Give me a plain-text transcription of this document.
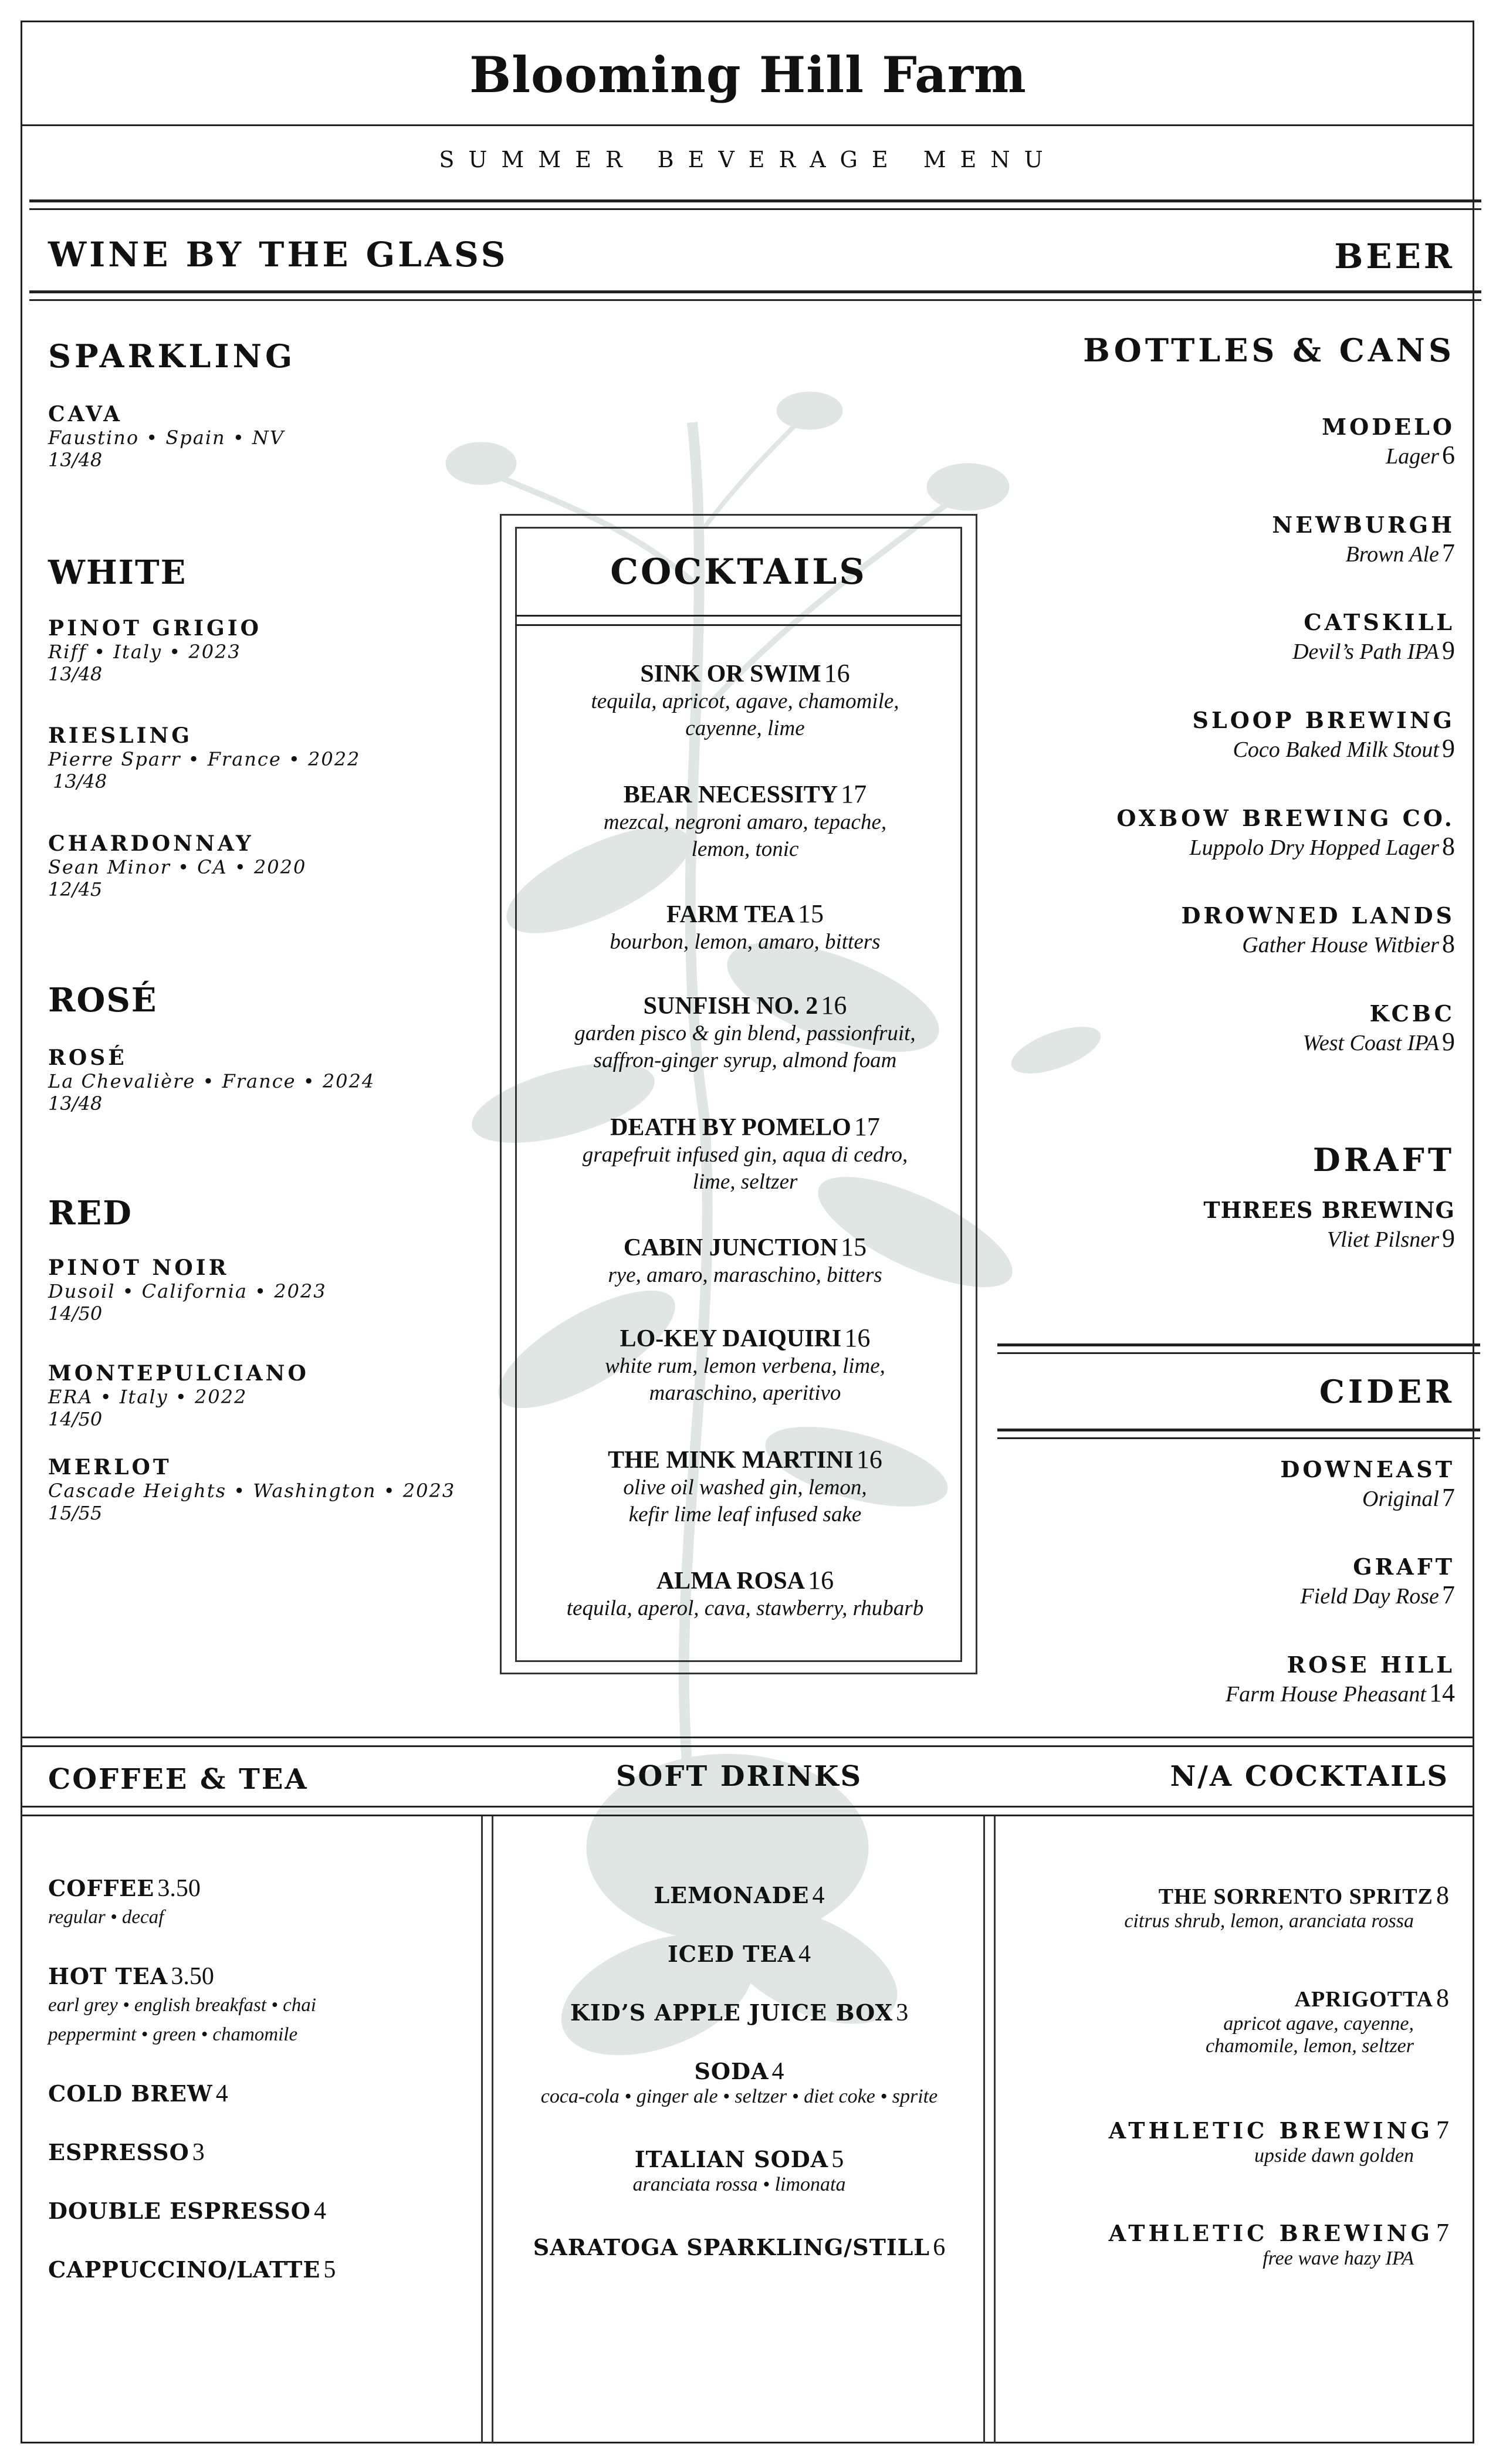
Blooming Hill Farm
SUMMER BEVERAGE MENU
WINE BY THE GLASS	BEER
SPARKLING
CAVA
Faustino • Spain • NV
13/48
WHITE
PINOT GRIGIO
Riff • Italy • 2023
13/48
RIESLING
Pierre Sparr • France • 2022
13/48
CHARDONNAY
Sean Minor • CA • 2020
12/45
ROSÉ
ROSÉ
La Chevalière • France • 2024
13/48
RED
PINOT NOIR
Dusoil • California • 2023
14/50
MONTEPULCIANO
ERA • Italy • 2022
14/50
MERLOT
Cascade Heights • Washington • 2023
15/55
COCKTAILS
SINK OR SWIM 16
tequila, apricot, agave, chamomile,
cayenne, lime
BEAR NECESSITY 17
mezcal, negroni amaro, tepache,
lemon, tonic
FARM TEA 15
bourbon, lemon, amaro, bitters
SUNFISH NO. 2 16
garden pisco & gin blend, passionfruit,
saffron-ginger syrup, almond foam
DEATH BY POMELO 17
grapefruit infused gin, aqua di cedro,
lime, seltzer
CABIN JUNCTION 15
rye, amaro, maraschino, bitters
LO-KEY DAIQUIRI 16
white rum, lemon verbena, lime,
maraschino, aperitivo
THE MINK MARTINI 16
olive oil washed gin, lemon,
kefir lime leaf infused sake
ALMA ROSA 16
tequila, aperol, cava, stawberry, rhubarb
BOTTLES & CANS
MODELO
Lager 6
NEWBURGH
Brown Ale 7
CATSKILL
Devil’s Path IPA 9
SLOOP BREWING
Coco Baked Milk Stout 9
OXBOW BREWING CO.
Luppolo Dry Hopped Lager 8
DROWNED LANDS
Gather House Witbier 8
KCBC
West Coast IPA 9
DRAFT
THREES BREWING
Vliet Pilsner 9
CIDER
DOWNEAST
Original 7
GRAFT
Field Day Rose 7
ROSE HILL
Farm House Pheasant 14
COFFEE & TEA	SOFT DRINKS	N/A COCKTAILS
COFFEE 3.50
regular • decaf
HOT TEA 3.50
earl grey • english breakfast • chai
peppermint • green • chamomile
COLD BREW 4
ESPRESSO 3
DOUBLE ESPRESSO 4
CAPPUCCINO/LATTE 5
LEMONADE 4
ICED TEA 4
KID’S APPLE JUICE BOX 3
SODA 4
coca-cola • ginger ale • seltzer • diet coke • sprite
ITALIAN SODA 5
aranciata rossa • limonata
SARATOGA SPARKLING/STILL 6
THE SORRENTO SPRITZ 8
citrus shrub, lemon, aranciata rossa
APRIGOTTA 8
apricot agave, cayenne,
chamomile, lemon, seltzer
ATHLETIC BREWING 7
upside dawn golden
ATHLETIC BREWING 7
free wave hazy IPA
